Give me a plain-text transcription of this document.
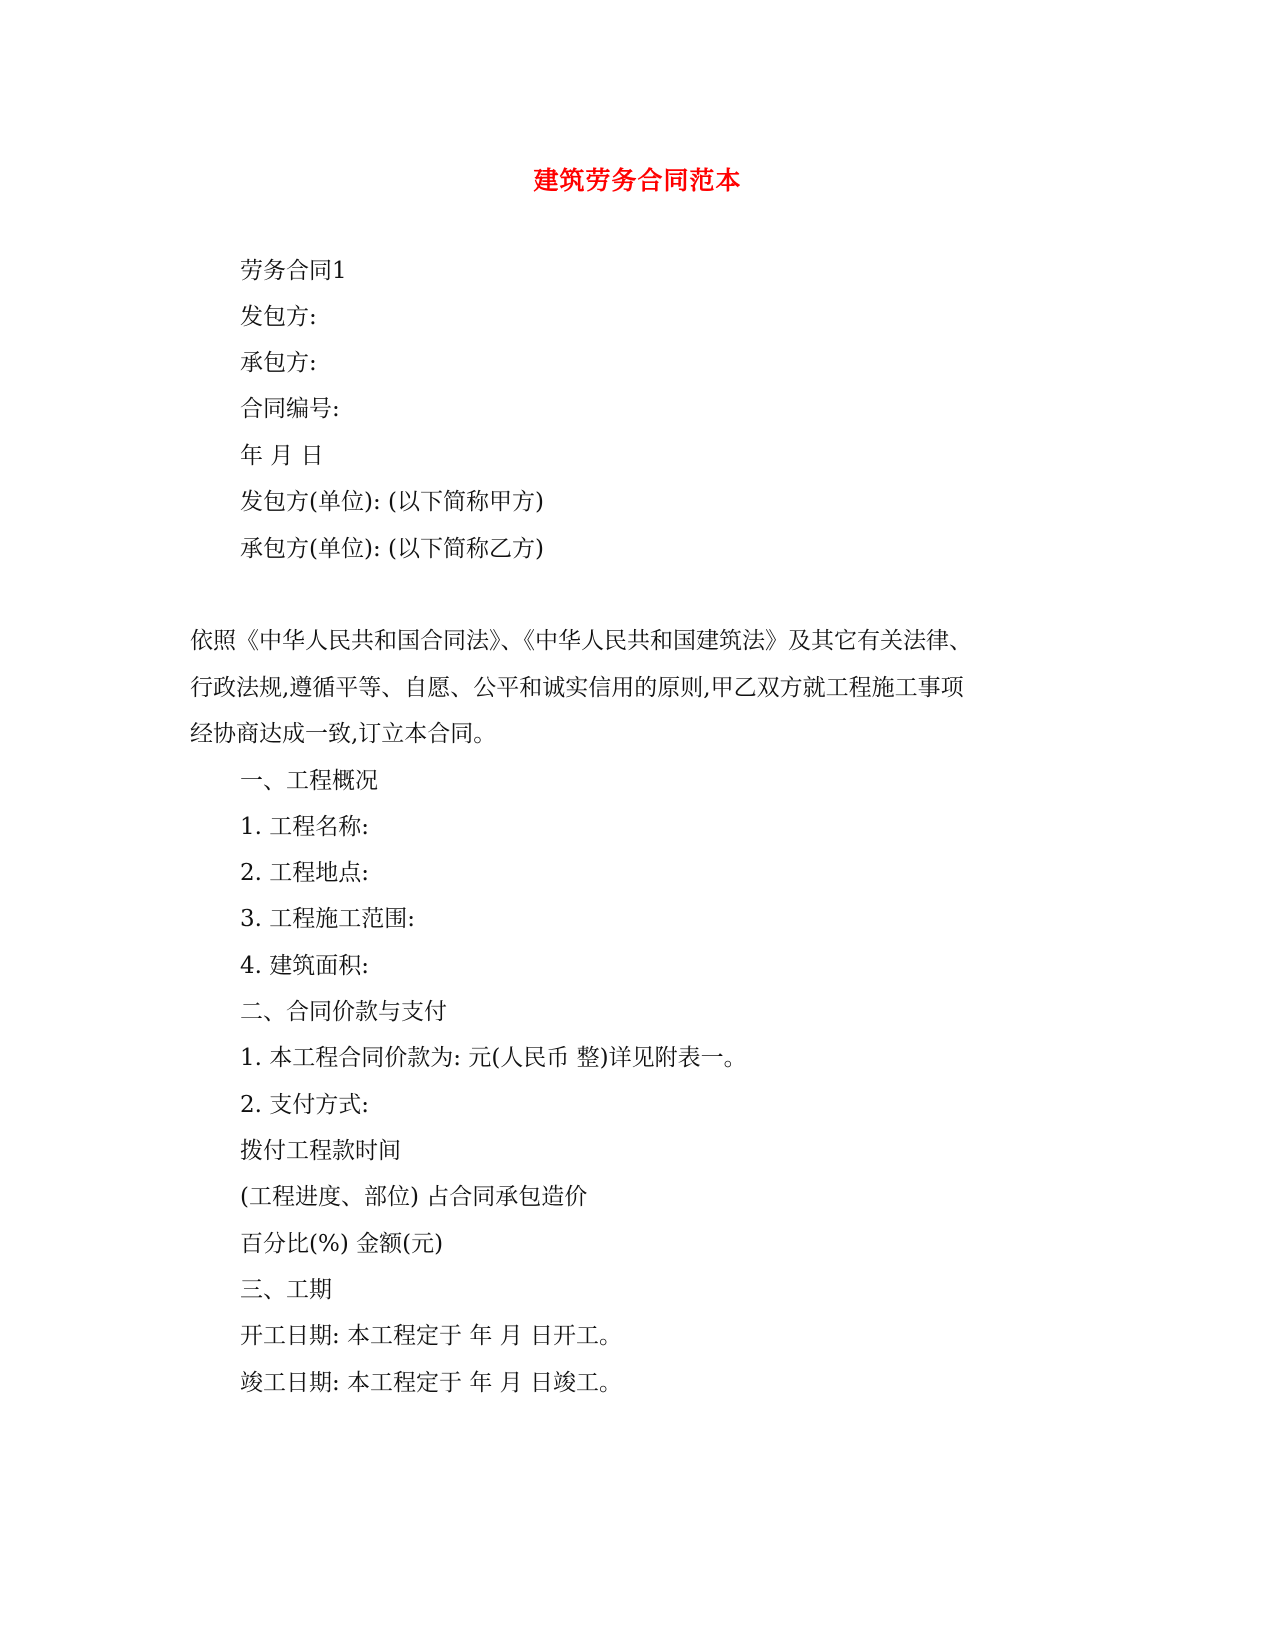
建筑劳务合同范本
劳务合同1
发包方:
承包方:
合同编号:
年 月 日
发包方(单位): (以下简称甲方)
承包方(单位): (以下简称乙方)
依照《中华人民共和国合同法》、《中华人民共和国建筑法》及其它有关法律、
行政法规,遵循平等、自愿、公平和诚实信用的原则,甲乙双方就工程施工事项
经协商达成一致,订立本合同。
一、工程概况
1. 工程名称:
2. 工程地点:
3. 工程施工范围:
4. 建筑面积:
二、合同价款与支付
1. 本工程合同价款为: 元(人民币 整)详见附表一。
2. 支付方式:
拨付工程款时间
(工程进度、部位) 占合同承包造价
百分比(%) 金额(元)
三、工期
开工日期: 本工程定于 年 月 日开工。
竣工日期: 本工程定于 年 月 日竣工。
